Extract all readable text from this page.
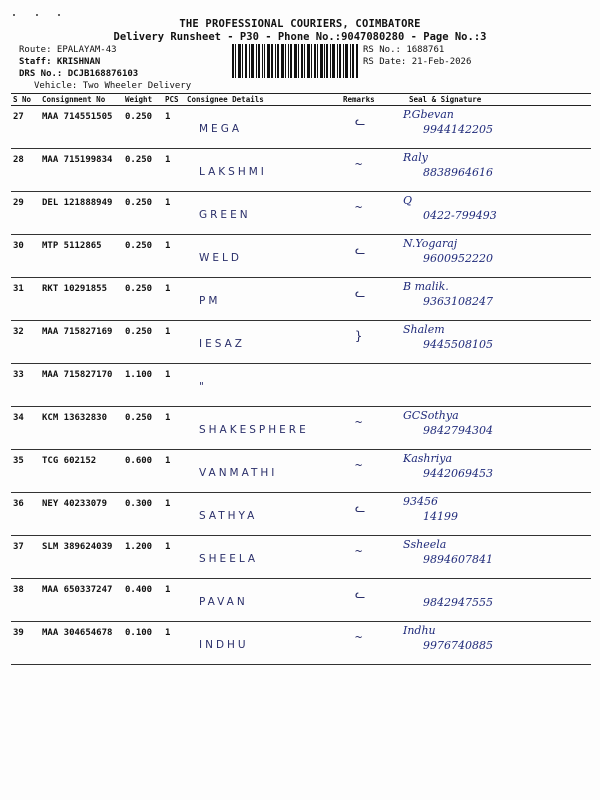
THE PROFESSIONAL COURIERS, COIMBATORE
Delivery Runsheet - P30 - Phone No.:9047080280 - Page No.:3
Route: EPALAYAM-43
Staff: KRISHNAN
DRS No.: DCJB168876103
Vehicle: Two Wheeler Delivery
RS No.: 1688761
RS Date: 21-Feb-2026
S No	Consignment No	Weight	PCS	Consignee Details	Remarks	Seal & Signature
27	MAA 714551505	0.250	1	MEGA	ᓚ	P.Gbevan
9944142205

28	MAA 715199834	0.250	1	LAKSHMI	~	Raly
8838964616

29	DEL 121888949	0.250	1	GREEN	~	Q
0422-799493

30	MTP 5112865	0.250	1	WELD	ᓚ	N.Yogaraj
9600952220

31	RKT 10291855	0.250	1	PM	ᓚ	B malik.
9363108247

32	MAA 715827169	0.250	1	IESAZ	}	Shalem
9445508105

33	MAA 715827170	1.100	1	"		

34	KCM 13632830	0.250	1	SHAKESPHERE	~	GCSothya
9842794304

35	TCG 602152	0.600	1	VANMATHI	~	Kashriya
9442069453

36	NEY 40233079	0.300	1	SATHYA	ᓚ	93456
14199

37	SLM 389624039	1.200	1	SHEELA	~	Ssheela
9894607841

38	MAA 650337247	0.400	1	PAVAN	ᓚ	9842947555

39	MAA 304654678	0.100	1	INDHU	~	Indhu
9976740885
